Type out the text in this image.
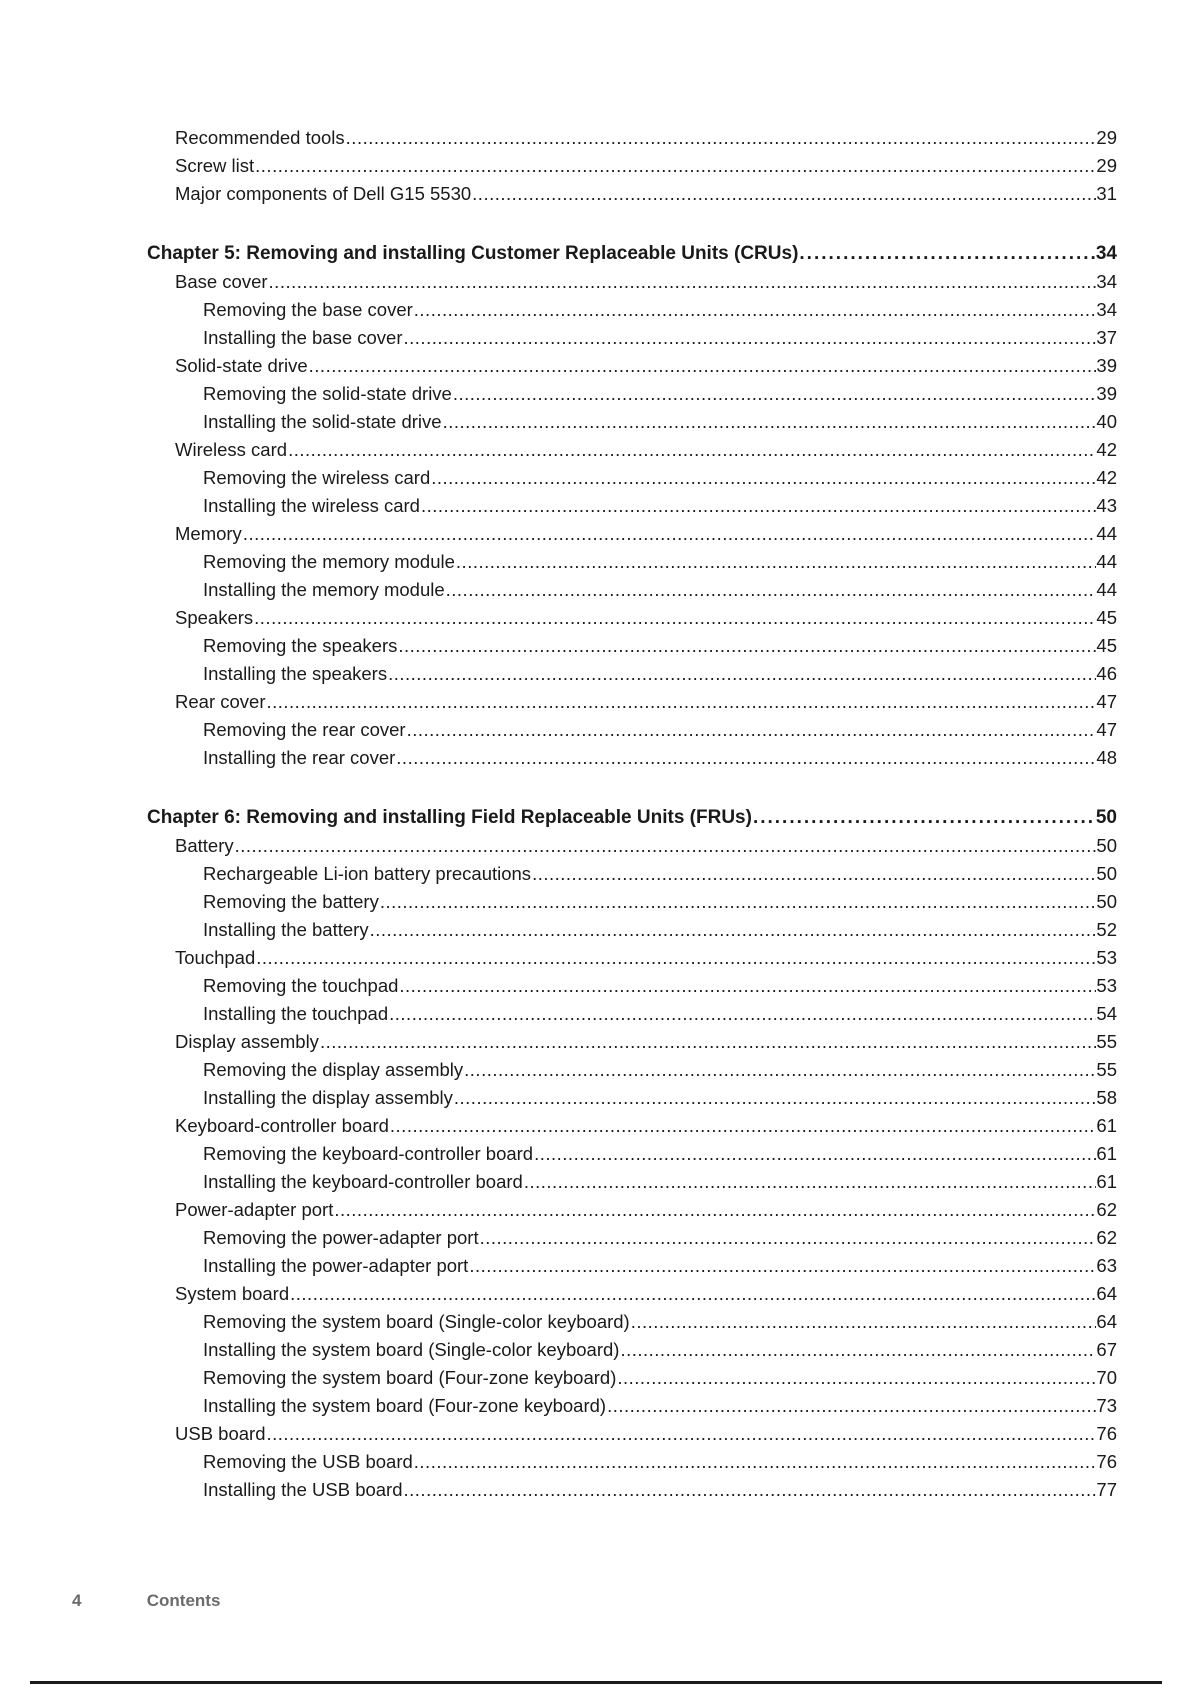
Recommended tools .....	29
Screw list .....	29
Major components of Dell G15 5530 .....	31
Chapter 5: Removing and installing Customer Replaceable Units (CRUs) .....	34
Base cover .....	34
Removing the base cover .....	34
Installing the base cover .....	37
Solid-state drive .....	39
Removing the solid-state drive .....	39
Installing the solid-state drive .....	40
Wireless card .....	42
Removing the wireless card .....	42
Installing the wireless card .....	43
Memory .....	44
Removing the memory module .....	44
Installing the memory module .....	44
Speakers .....	45
Removing the speakers .....	45
Installing the speakers .....	46
Rear cover .....	47
Removing the rear cover .....	47
Installing the rear cover .....	48
Chapter 6: Removing and installing Field Replaceable Units (FRUs) .....	50
Battery .....	50
Rechargeable Li-ion battery precautions .....	50
Removing the battery .....	50
Installing the battery .....	52
Touchpad .....	53
Removing the touchpad .....	53
Installing the touchpad .....	54
Display assembly .....	55
Removing the display assembly .....	55
Installing the display assembly .....	58
Keyboard-controller board .....	61
Removing the keyboard-controller board .....	61
Installing the keyboard-controller board .....	61
Power-adapter port .....	62
Removing the power-adapter port .....	62
Installing the power-adapter port .....	63
System board .....	64
Removing the system board (Single-color keyboard) .....	64
Installing the system board (Single-color keyboard) .....	67
Removing the system board (Four-zone keyboard) .....	70
Installing the system board (Four-zone keyboard) .....	73
USB board .....	76
Removing the USB board .....	76
Installing the USB board .....	77
4	Contents
